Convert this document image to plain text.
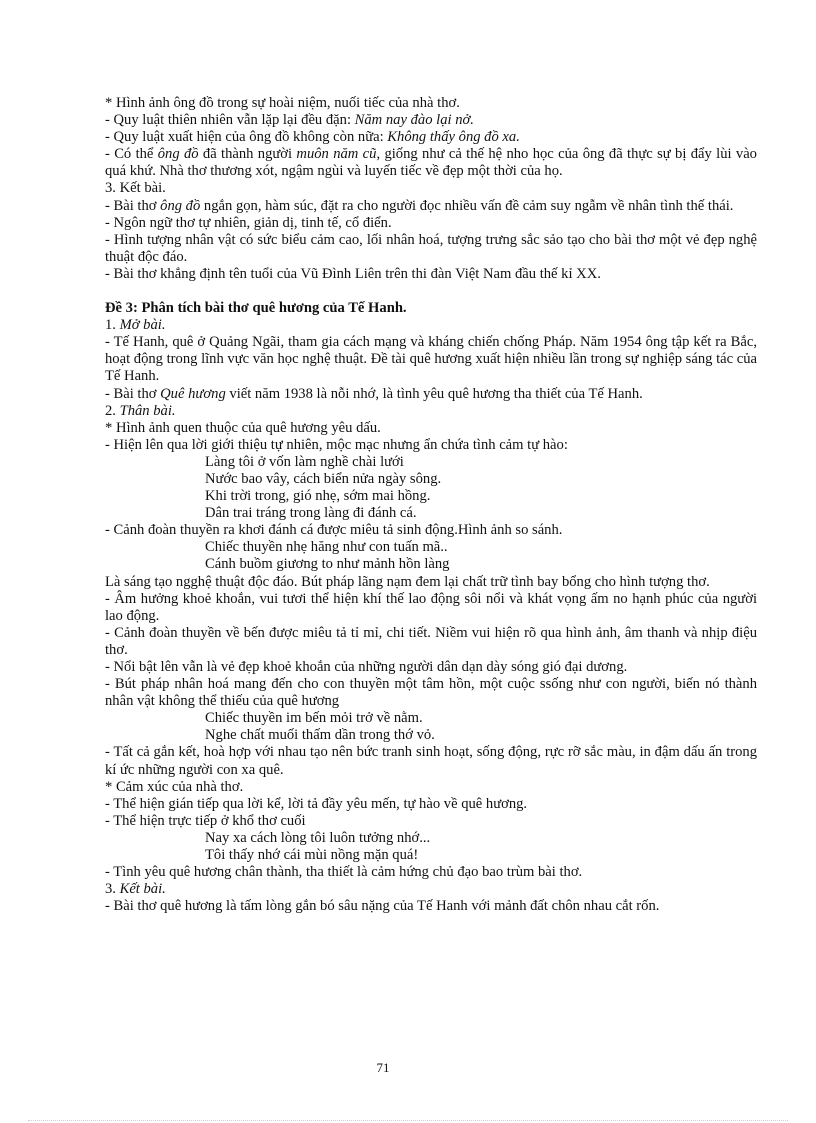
* Hình ảnh ông đồ trong sự hoài niệm, nuối tiếc của nhà thơ.
- Quy luật thiên nhiên vẫn lặp lại đều đặn: Năm nay đào lại nở.
- Quy luật xuất hiện của ông đồ không còn nữa: Không thấy ông đồ xa.
- Có thể ông đồ đã thành người muôn năm cũ, giống như cả thế hệ nho học của ông đã thực sự bị đẩy lùi vào quá khứ. Nhà thơ thương xót, ngậm ngùi và luyến tiếc về đẹp một thời của họ.
3. Kết bài.
- Bài thơ ông đồ ngắn gọn, hàm súc, đặt ra cho người đọc nhiều vấn đề cảm suy ngẫm về nhân tình thế thái.
- Ngôn ngữ thơ tự nhiên, giản dị, tinh tế, cổ điển.
- Hình tượng nhân vật có sức biểu cảm cao, lối nhân hoá, tượng trưng sắc sảo tạo cho bài thơ một vẻ đẹp nghệ thuật độc đáo.
- Bài thơ khẳng định tên tuổi của Vũ Đình Liên trên thi đàn Việt Nam đầu thế kỉ XX.
Đề 3: Phân tích bài thơ quê hương của Tế Hanh.
1. Mở bài.
- Tế Hanh, quê ở Quảng Ngãi, tham gia cách mạng và kháng chiến chống Pháp. Năm 1954 ông tập kết ra Bắc, hoạt động trong lĩnh vực văn học nghệ thuật. Đề tài quê hương xuất hiện nhiều lần trong sự nghiệp sáng tác của Tế Hanh.
- Bài thơ Quê hương viết năm 1938 là nỗi nhớ, là tình yêu quê hương tha thiết của Tế Hanh.
2. Thân bài.
* Hình ảnh quen thuộc của quê hương yêu dấu.
- Hiện lên qua lời giới thiệu tự nhiên, mộc mạc nhưng ẩn chứa tình cảm tự hào:
Làng tôi ở vốn làm nghề chài lưới
Nước bao vây, cách biển nửa ngày sông.
Khi trời trong, gió nhẹ, sớm mai hồng.
Dân trai tráng trong làng đi đánh cá.
- Cảnh đoàn thuyền ra khơi đánh cá được miêu tả sinh động.Hình ảnh so sánh.
Chiếc thuyền nhẹ hăng như con tuấn mã..
Cánh buồm giương to như mảnh hồn làng
Là sáng tạo ngghệ thuật độc đáo. Bút pháp lãng nạm đem lại chất trữ tình bay bổng cho hình tượng thơ.
- Âm hưởng khoẻ khoắn, vui tươi thể hiện khí thế lao động sôi nổi và khát vọng ấm no hạnh phúc của người lao động.
- Cảnh đoàn thuyền về bến được miêu tả tỉ mỉ, chi tiết. Niềm vui hiện rõ qua hình ảnh, âm thanh và nhịp điệu thơ.
- Nổi bật lên vẫn là vẻ đẹp khoẻ khoắn của những người dân dạn dày sóng gió đại dương.
- Bút pháp nhân hoá mang đến cho con thuyền một tâm hồn, một cuộc ssống như con người, biến nó thành nhân vật không thể thiếu của quê hương
Chiếc thuyền im bến mỏi trở về nằm.
Nghe chất muối thấm dần trong thớ vỏ.
- Tất cả gắn kết, hoà hợp với nhau tạo nên bức tranh sinh hoạt, sống động, rực rỡ sắc màu, in đậm dấu ấn trong kí ức những người con xa quê.
* Cảm xúc của nhà thơ.
- Thể hiện gián tiếp qua lời kể, lời tả đầy yêu mến, tự hào về quê hương.
- Thể hiện trực tiếp ở khổ thơ cuối
Nay xa cách lòng tôi luôn tưởng nhớ...
Tôi thấy nhớ cái mùi nồng mặn quá!
- Tình yêu quê hương chân thành, tha thiết là cảm hứng chủ đạo bao trùm bài thơ.
3. Kết bài.
- Bài thơ quê hương là tấm lòng gắn bó sâu nặng của Tế Hanh với mảnh đất chôn nhau cắt rốn.
71
